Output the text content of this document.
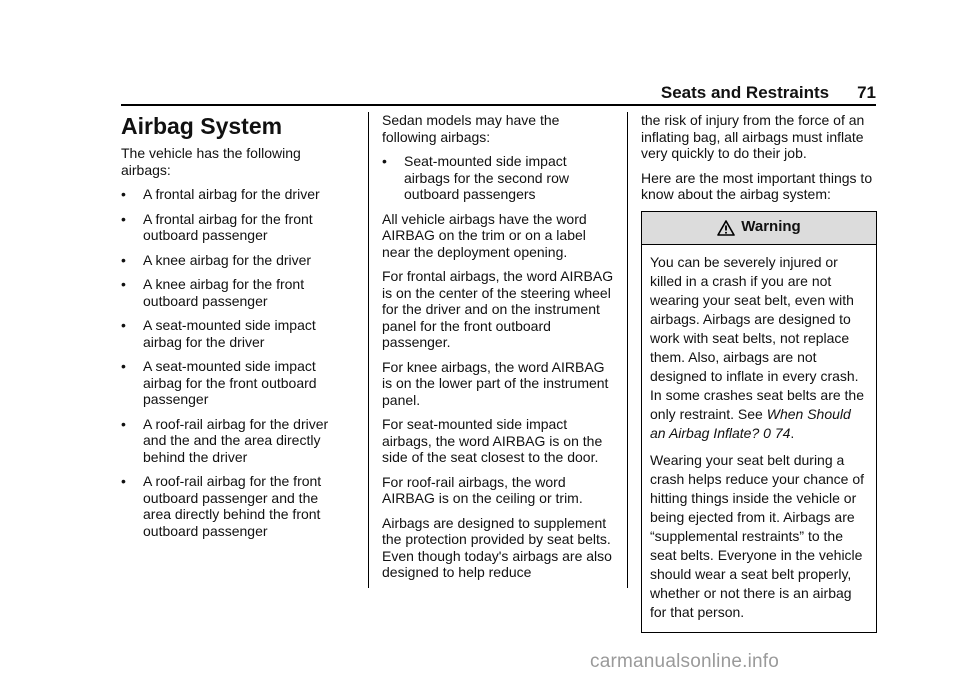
Seats and Restraints 71
Airbag System

The vehicle has the following airbags:

•	A frontal airbag for the driver
•	A frontal airbag for the front outboard passenger
•	A knee airbag for the driver
•	A knee airbag for the front outboard passenger
•	A seat-mounted side impact airbag for the driver
•	A seat-mounted side impact airbag for the front outboard passenger
•	A roof-rail airbag for the driver and the and the area directly behind the driver
•	A roof-rail airbag for the front outboard passenger and the area directly behind the front outboard passenger

Sedan models may have the following airbags:

•	Seat-mounted side impact airbags for the second row outboard passengers

All vehicle airbags have the word AIRBAG on the trim or on a label near the deployment opening.

For frontal airbags, the word AIRBAG is on the center of the steering wheel for the driver and on the instrument panel for the front outboard passenger.

For knee airbags, the word AIRBAG is on the lower part of the instrument panel.

For seat-mounted side impact airbags, the word AIRBAG is on the side of the seat closest to the door.

For roof-rail airbags, the word AIRBAG is on the ceiling or trim.

Airbags are designed to supplement the protection provided by seat belts. Even though today's airbags are also designed to help reduce

the risk of injury from the force of an inflating bag, all airbags must inflate very quickly to do their job.

Here are the most important things to know about the airbag system:

Warning

You can be severely injured or killed in a crash if you are not wearing your seat belt, even with airbags. Airbags are designed to work with seat belts, not replace them. Also, airbags are not designed to inflate in every crash. In some crashes seat belts are the only restraint. See When Should an Airbag Inflate? 0 74.

Wearing your seat belt during a crash helps reduce your chance of hitting things inside the vehicle or being ejected from it. Airbags are “supplemental restraints” to the seat belts. Everyone in the vehicle should wear a seat belt properly, whether or not there is an airbag for that person.

carmanualsonline.info
